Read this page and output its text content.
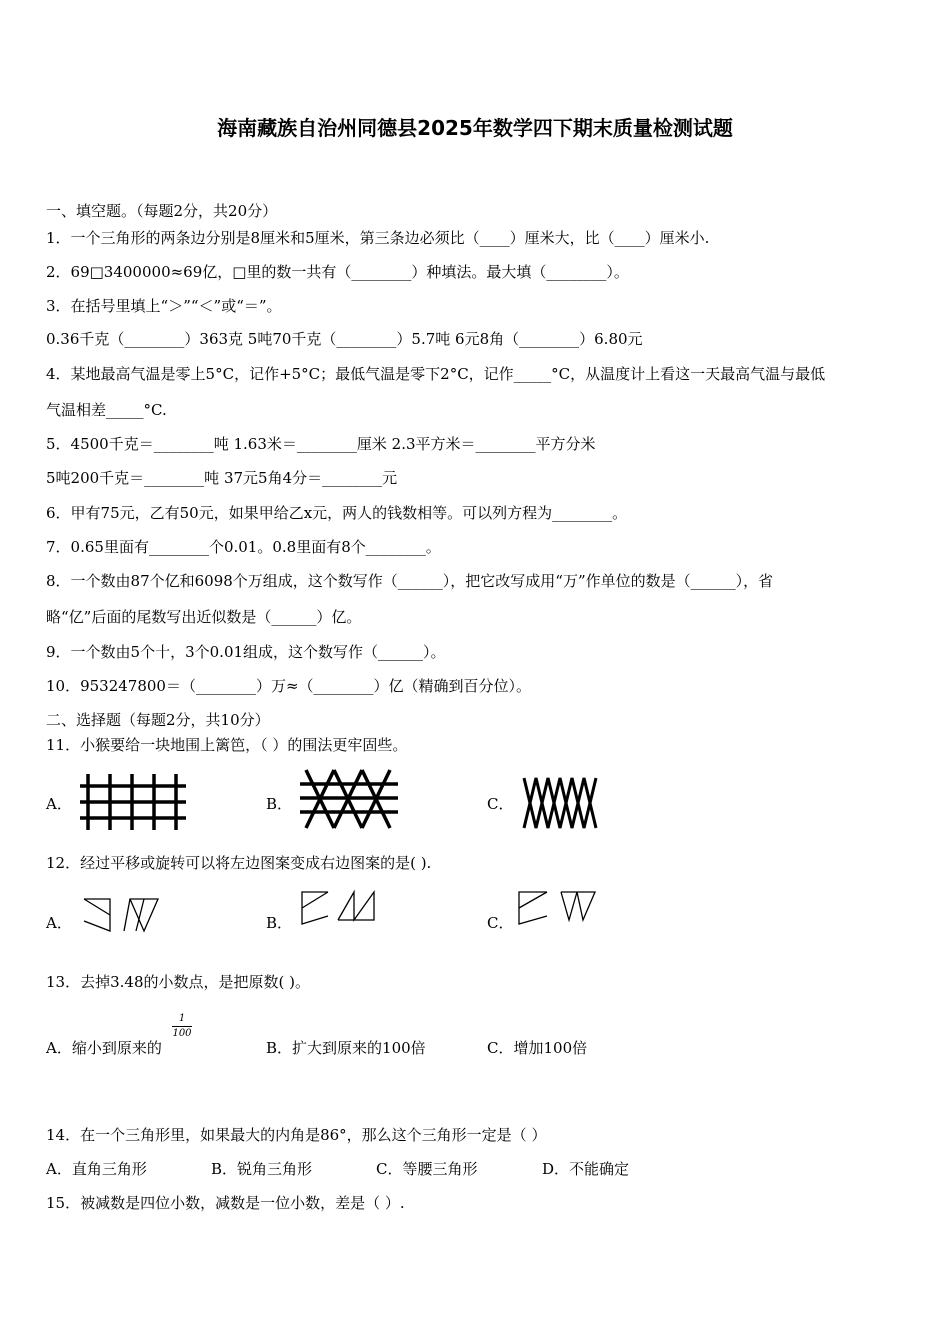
海南藏族自治州同德县2025年数学四下期末质量检测试题
一、填空题。（每题2分，共20分）
1．一个三角形的两条边分别是8厘米和5厘米，第三条边必须比（____）厘米大，比（____）厘米小.
2．69□3400000≈69亿，□里的数一共有（________）种填法。最大填（________）。
3．在括号里填上“＞”“＜”或“＝”。
0.36千克（________）363克 5吨70千克（________）5.7吨 6元8角（________）6.80元
4．某地最高气温是零上5°C，记作+5°C；最低气温是零下2°C，记作_____°C，从温度计上看这一天最高气温与最低
气温相差_____°C.
5．4500千克＝________吨 1.63米＝________厘米 2.3平方米＝________平方分米
5吨200千克＝________吨 37元5角4分＝________元
6．甲有75元，乙有50元，如果甲给乙x元，两人的钱数相等。可以列方程为________。
7．0.65里面有________个0.01。0.8里面有8个________。
8．一个数由87个亿和6098个万组成，这个数写作（______），把它改写成用“万”作单位的数是（______），省
略“亿”后面的尾数写出近似数是（______）亿。
9．一个数由5个十，3个0.01组成，这个数写作（______）。
10．953247800＝（________）万≈（________）亿（精确到百分位）。
二、选择题（每题2分，共10分）
11．小猴要给一块地围上篱笆，（ ）的围法更牢固些。
A．	B．	C．
12．经过平移或旋转可以将左边图案变成右边图案的是( ).
A．	B．	C．
13．去掉3.48的小数点，是把原数( )。
A．缩小到原来的
1
100
B．扩大到原来的100倍	C．增加100倍
14．在一个三角形里，如果最大的内角是86°，那么这个三角形一定是（ ）
A．直角三角形	B．锐角三角形	C．等腰三角形	D．不能确定
15．被减数是四位小数，减数是一位小数，差是（ ）.
